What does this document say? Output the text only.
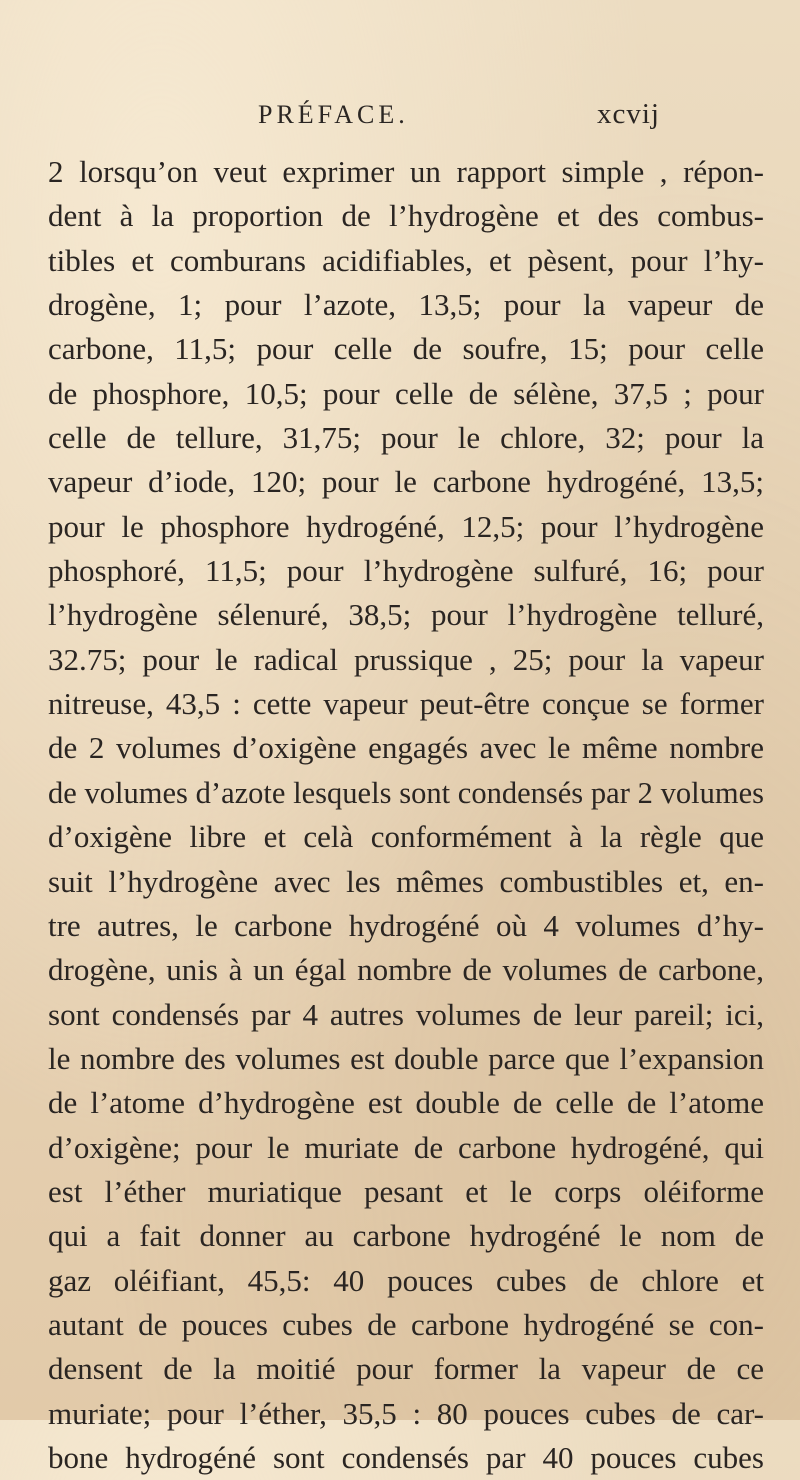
PRÉFACE.	xcvij
2 lorsqu’on veut exprimer un rapport simple , répon-
dent à la proportion de l’hydrogène et des combus-
tibles et comburans acidifiables, et pèsent, pour l’hy-
drogène, 1; pour l’azote, 13,5; pour la vapeur de
carbone, 11,5; pour celle de soufre, 15; pour celle
de phosphore, 10,5; pour celle de sélène, 37,5 ; pour
celle de tellure, 31,75; pour le chlore, 32; pour la
vapeur d’iode, 120; pour le carbone hydrogéné, 13,5;
pour le phosphore hydrogéné, 12,5; pour l’hydrogène
phosphoré, 11,5; pour l’hydrogène sulfuré, 16; pour
l’hydrogène sélenuré, 38,5; pour l’hydrogène telluré,
32.75; pour le radical prussique , 25; pour la vapeur
nitreuse, 43,5 : cette vapeur peut-être conçue se former
de 2 volumes d’oxigène engagés avec le même nombre
de volumes d’azote lesquels sont condensés par 2 volumes
d’oxigène libre et celà conformément à la règle que
suit l’hydrogène avec les mêmes combustibles et, en-
tre autres, le carbone hydrogéné où 4 volumes d’hy-
drogène, unis à un égal nombre de volumes de carbone,
sont condensés par 4 autres volumes de leur pareil; ici,
le nombre des volumes est double parce que l’expansion
de l’atome d’hydrogène est double de celle de l’atome
d’oxigène; pour le muriate de carbone hydrogéné, qui
est l’éther muriatique pesant et le corps oléiforme
qui a fait donner au carbone hydrogéné le nom de
gaz oléifiant, 45,5: 40 pouces cubes de chlore et
autant de pouces cubes de carbone hydrogéné se con-
densent de la moitié pour former la vapeur de ce
muriate; pour l’éther, 35,5 : 80 pouces cubes de car-
bone hydrogéné sont condensés par 40 pouces cubes
